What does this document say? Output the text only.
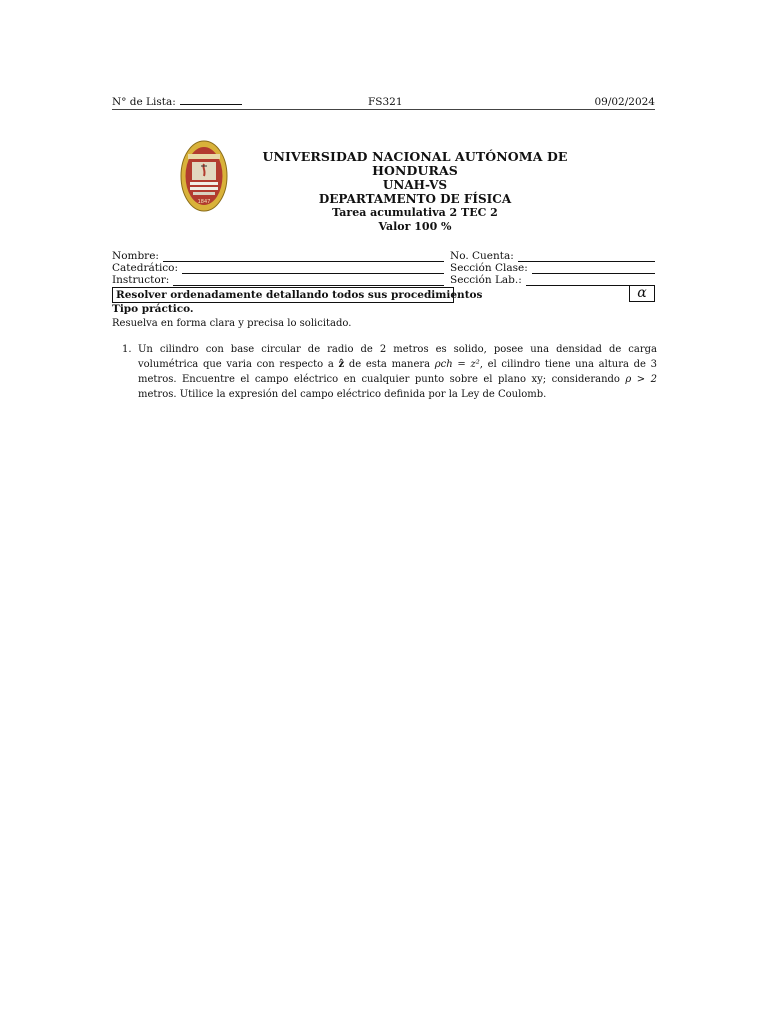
N° de Lista:	FS321	09/02/2024
1847
UNIVERSIDAD NACIONAL AUTÓNOMA DE HONDURAS
UNAH-VS
DEPARTAMENTO DE FÍSICA
Tarea acumulativa 2 TEC 2
Valor 100 %
Nombre:	No. Cuenta:
Catedrático:	Sección Clase:
Instructor:	Sección Lab.:
Resolver ordenadamente detallando todos sus procedimientos	α
Tipo práctico.
Resuelva en forma clara y precisa lo solicitado.
1. Un cilindro con base circular de radio de 2 metros es solido, posee una densidad de carga volumétrica que varia con respecto a ẑ de esta manera ρch = z², el cilindro tiene una altura de 3 metros. Encuentre el campo eléctrico en cualquier punto sobre el plano xy; considerando ρ > 2 metros. Utilice la expresión del campo eléctrico definida por la Ley de Coulomb.
